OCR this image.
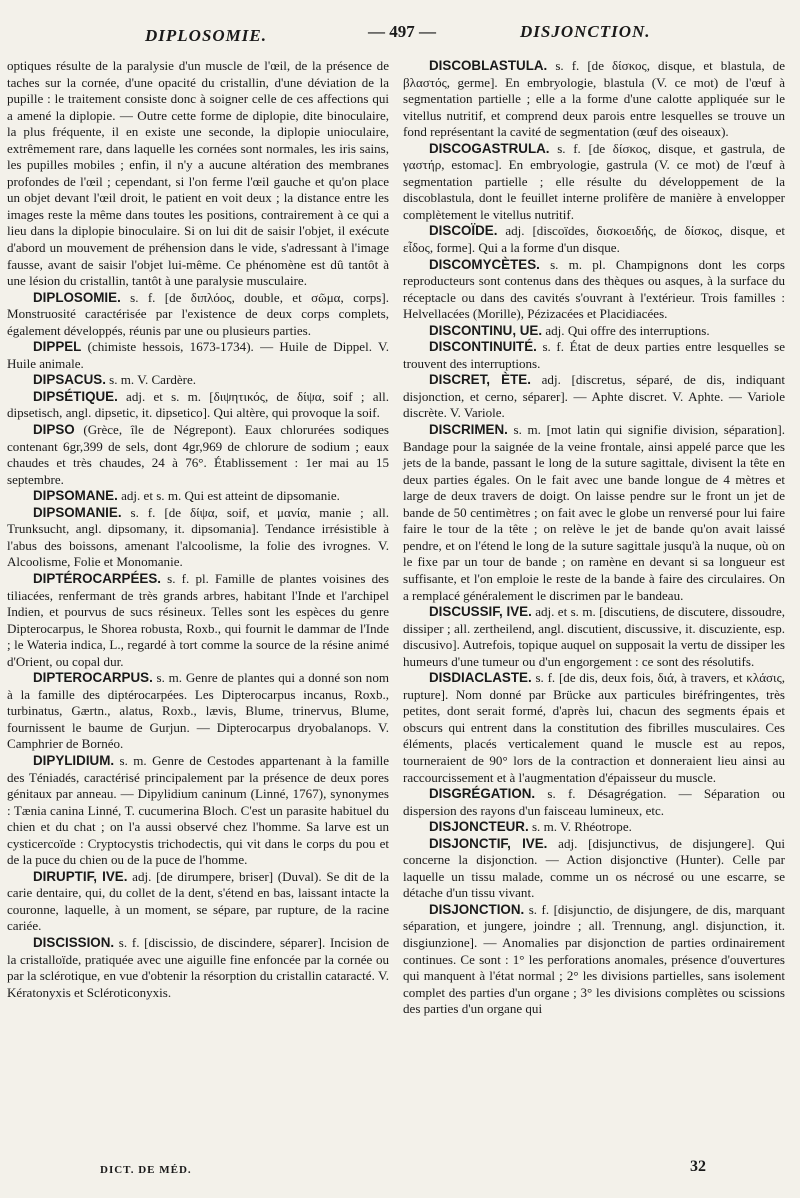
DIPLOSOMIE.	— 497 —	DISJONCTION.

optiques résulte de la paralysie d'un muscle de l'œil, de la présence de taches sur la cornée, d'une opacité du cristallin, d'une déviation de la pupille : le traitement consiste donc à soigner celle de ces affections qui a amené la diplopie. — Outre cette forme de diplopie, dite binoculaire, la plus fréquente, il en existe une seconde, la diplopie unioculaire, extrêmement rare, dans laquelle les cornées sont normales, les iris sains, les pupilles mobiles ; enfin, il n'y a aucune altération des membranes profondes de l'œil ; cependant, si l'on ferme l'œil gauche et qu'on place un objet devant l'œil droit, le patient en voit deux ; la distance entre les images reste la même dans toutes les positions, contrairement à ce qui a lieu dans la diplopie binoculaire. Si on lui dit de saisir l'objet, il exécute d'abord un mouvement de préhension dans le vide, s'adressant à l'image fausse, avant de saisir l'objet lui-même. Ce phénomène est dû tantôt à une lésion du cristallin, tantôt à une paralysie musculaire.

DIPLOSOMIE. s. f. [de διπλόος, double, et σῶμα, corps]. Monstruosité caractérisée par l'existence de deux corps complets, également développés, réunis par une ou plusieurs parties.

DIPPEL (chimiste hessois, 1673-1734). — Huile de Dippel. V. Huile animale.

DIPSACUS. s. m. V. Cardère.

DIPSÉTIQUE. adj. et s. m. [διψητικός, de δίψα, soif ; all. dipsetisch, angl. dipsetic, it. dipsetico]. Qui altère, qui provoque la soif.

DIPSO (Grèce, île de Négrepont). Eaux chlorurées sodiques contenant 6gr,399 de sels, dont 4gr,969 de chlorure de sodium ; eaux chaudes et très chaudes, 24 à 76°. Établissement : 1er mai au 15 septembre.

DIPSOMANE. adj. et s. m. Qui est atteint de dipsomanie.

DIPSOMANIE. s. f. [de δίψα, soif, et μανία, manie ; all. Trunksucht, angl. dipsomany, it. dipsomania]. Tendance irrésistible à l'abus des boissons, amenant l'alcoolisme, la folie des ivrognes. V. Alcoolisme, Folie et Monomanie.

DIPTÉROCARPÉES. s. f. pl. Famille de plantes voisines des tiliacées, renfermant de très grands arbres, habitant l'Inde et l'archipel Indien, et pourvus de sucs résineux. Telles sont les espèces du genre Dipterocarpus, le Shorea robusta, Roxb., qui fournit le dammar de l'Inde ; le Wateria indica, L., regardé à tort comme la source de la résine animé d'Orient, ou copal dur.

DIPTEROCARPUS. s. m. Genre de plantes qui a donné son nom à la famille des diptérocarpées. Les Dipterocarpus incanus, Roxb., turbinatus, Gærtn., alatus, Roxb., lævis, Blume, trinervus, Blume, fournissent le baume de Gurjun. — Dipterocarpus dryobalanops. V. Camphrier de Bornéo.

DIPYLIDIUM. s. m. Genre de Cestodes appartenant à la famille des Téniadés, caractérisé principalement par la présence de deux pores génitaux par anneau. — Dipylidium caninum (Linné, 1767), synonymes : Tænia canina Linné, T. cucumerina Bloch. C'est un parasite habituel du chien et du chat ; on l'a aussi observé chez l'homme. Sa larve est un cysticercoïde : Cryptocystis trichodectis, qui vit dans le corps du pou et de la puce du chien ou de la puce de l'homme.

DIRUPTIF, IVE. adj. [de dirumpere, briser] (Duval). Se dit de la carie dentaire, qui, du collet de la dent, s'étend en bas, laissant intacte la couronne, laquelle, à un moment, se sépare, par rupture, de la racine cariée.

DISCISSION. s. f. [discissio, de discindere, séparer]. Incision de la cristalloïde, pratiquée avec une aiguille fine enfoncée par la cornée ou par la sclérotique, en vue d'obtenir la résorption du cristallin cataracté. V. Kératonyxis et Scléroticonyxis.

DISCOBLASTULA. s. f. [de δίσκος, disque, et blastula, de βλαστός, germe]. En embryologie, blastula (V. ce mot) de l'œuf à segmentation partielle ; elle a la forme d'une calotte appliquée sur le vitellus nutritif, et comprend deux parois entre lesquelles se trouve un fond représentant la cavité de segmentation (œuf des oiseaux).

DISCOGASTRULA. s. f. [de δίσκος, disque, et gastrula, de γαστήρ, estomac]. En embryologie, gastrula (V. ce mot) de l'œuf à segmentation partielle ; elle résulte du développement de la discoblastula, dont le feuillet interne prolifère de manière à envelopper complètement le vitellus nutritif.

DISCOÏDE. adj. [discoïdes, δισκοειδής, de δίσκος, disque, et εἶδος, forme]. Qui a la forme d'un disque.

DISCOMYCÈTES. s. m. pl. Champignons dont les corps reproducteurs sont contenus dans des thèques ou asques, à la surface du réceptacle ou dans des cavités s'ouvrant à l'extérieur. Trois familles : Helvellacées (Morille), Pézizacées et Placidiacées.

DISCONTINU, UE. adj. Qui offre des interruptions.

DISCONTINUITÉ. s. f. État de deux parties entre lesquelles se trouvent des interruptions.

DISCRET, ÈTE. adj. [discretus, séparé, de dis, indiquant disjonction, et cerno, séparer]. — Aphte discret. V. Aphte. — Variole discrète. V. Variole.

DISCRIMEN. s. m. [mot latin qui signifie division, séparation]. Bandage pour la saignée de la veine frontale, ainsi appelé parce que les jets de la bande, passant le long de la suture sagittale, divisent la tête en deux parties égales. On le fait avec une bande longue de 4 mètres et large de deux travers de doigt. On laisse pendre sur le front un jet de bande de 50 centimètres ; on fait avec le globe un renversé pour lui faire faire le tour de la tête ; on relève le jet de bande qu'on avait laissé pendre, et on l'étend le long de la suture sagittale jusqu'à la nuque, où on le fixe par un tour de bande ; on ramène en devant si sa longueur est suffisante, et l'on emploie le reste de la bande à faire des circulaires. On a remplacé généralement le discrimen par le bandeau.

DISCUSSIF, IVE. adj. et s. m. [discutiens, de discutere, dissoudre, dissiper ; all. zertheilend, angl. discutient, discussive, it. discuziente, esp. discusivo]. Autrefois, topique auquel on supposait la vertu de dissiper les humeurs d'une tumeur ou d'un engorgement : ce sont des résolutifs.

DISDIACLASTE. s. f. [de dis, deux fois, διά, à travers, et κλάσις, rupture]. Nom donné par Brücke aux particules biréfringentes, très petites, dont serait formé, d'après lui, chacun des segments épais et obscurs qui entrent dans la constitution des fibrilles musculaires. Ces éléments, placés verticalement quand le muscle est au repos, tourneraient de 90° lors de la contraction et donneraient lieu ainsi au raccourcissement et à l'augmentation d'épaisseur du muscle.

DISGRÉGATION. s. f. Désagrégation. — Séparation ou dispersion des rayons d'un faisceau lumineux, etc.

DISJONCTEUR. s. m. V. Rhéotrope.

DISJONCTIF, IVE. adj. [disjunctivus, de disjungere]. Qui concerne la disjonction. — Action disjonctive (Hunter). Celle par laquelle un tissu malade, comme un os nécrosé ou une escarre, se détache d'un tissu vivant.

DISJONCTION. s. f. [disjunctio, de disjungere, de dis, marquant séparation, et jungere, joindre ; all. Trennung, angl. disjunction, it. disgiunzione]. — Anomalies par disjonction de parties ordinairement continues. Ce sont : 1° les perforations anomales, présence d'ouvertures qui manquent à l'état normal ; 2° les divisions partielles, sans isolement complet des parties d'un organe ; 3° les divisions complètes ou scissions des parties d'un organe qui

DICT. DE MÉD.	32
